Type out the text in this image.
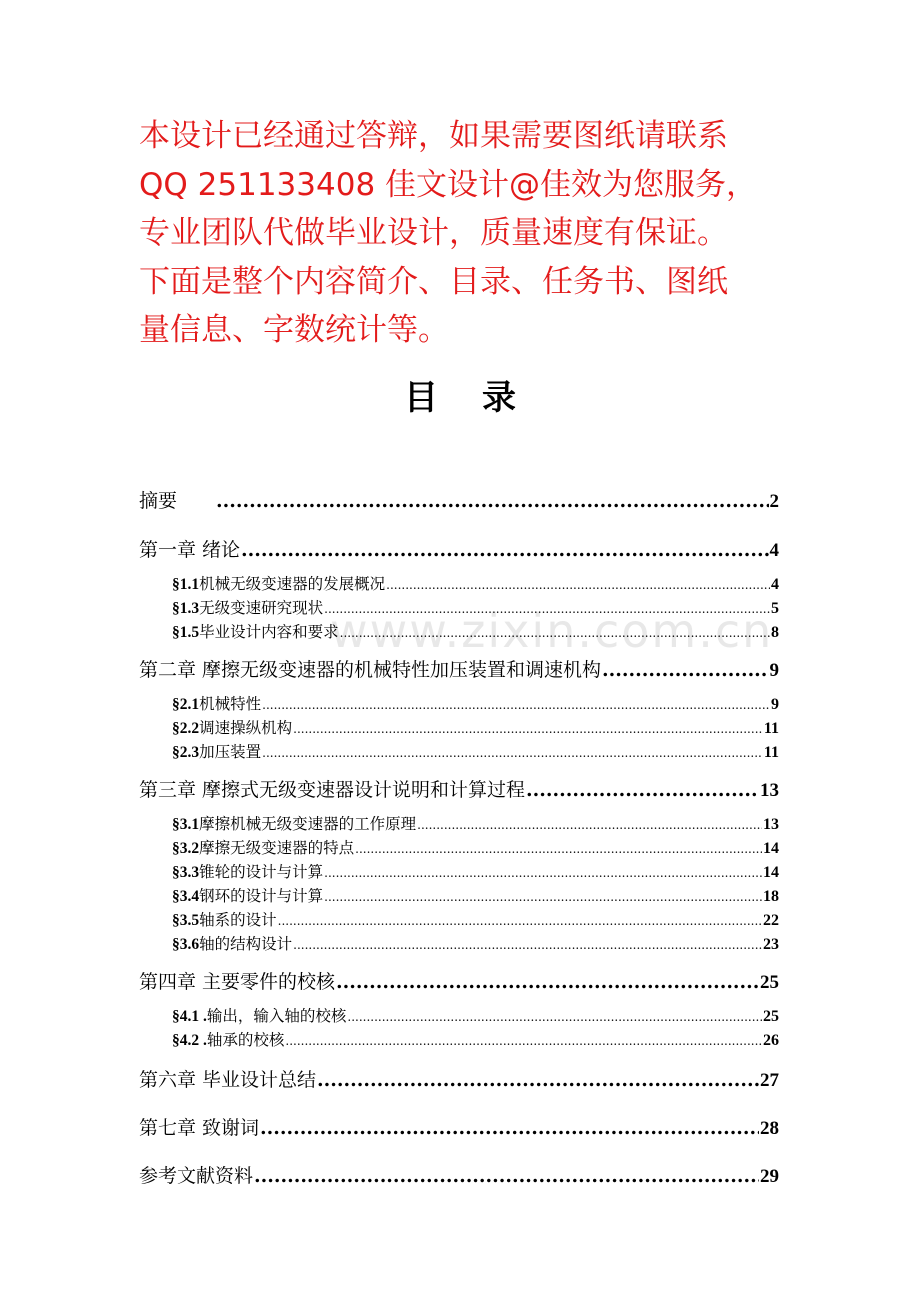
本设计已经通过答辩，如果需要图纸请联系
QQ 251133408 佳文设计@佳效为您服务，
专业团队代做毕业设计，质量速度有保证。
下面是整个内容简介、目录、任务书、图纸
量信息、字数统计等。
目录
www.zixin.com.cn
摘要 .....	2
第一章 绪论 .....	4
§1.1 机械无级变速器的发展概况 .....	4
§1.3 无级变速研究现状 .....	5
§1.5 毕业设计内容和要求 .....	8
第二章 摩擦无级变速器的机械特性加压装置和调速机构 .....	9
§2.1 机械特性 .....	9
§2.2 调速操纵机构 .....	11
§2.3 加压装置 .....	11
第三章 摩擦式无级变速器设计说明和计算过程 .....	13
§3.1 摩擦机械无级变速器的工作原理 .....	13
§3.2 摩擦无级变速器的特点 .....	14
§3.3 锥轮的设计与计算 .....	14
§3.4 钢环的设计与计算 .....	18
§3.5 轴系的设计 .....	22
§3.6 轴的结构设计 .....	23
第四章 主要零件的校核 .....	25
§4.1 . 输出，输入轴的校核 .....	25
§4.2 . 轴承的校核 .....	26
第六章 毕业设计总结 .....	27
第七章 致谢词 .....	28
参考文献资料 .....	29
